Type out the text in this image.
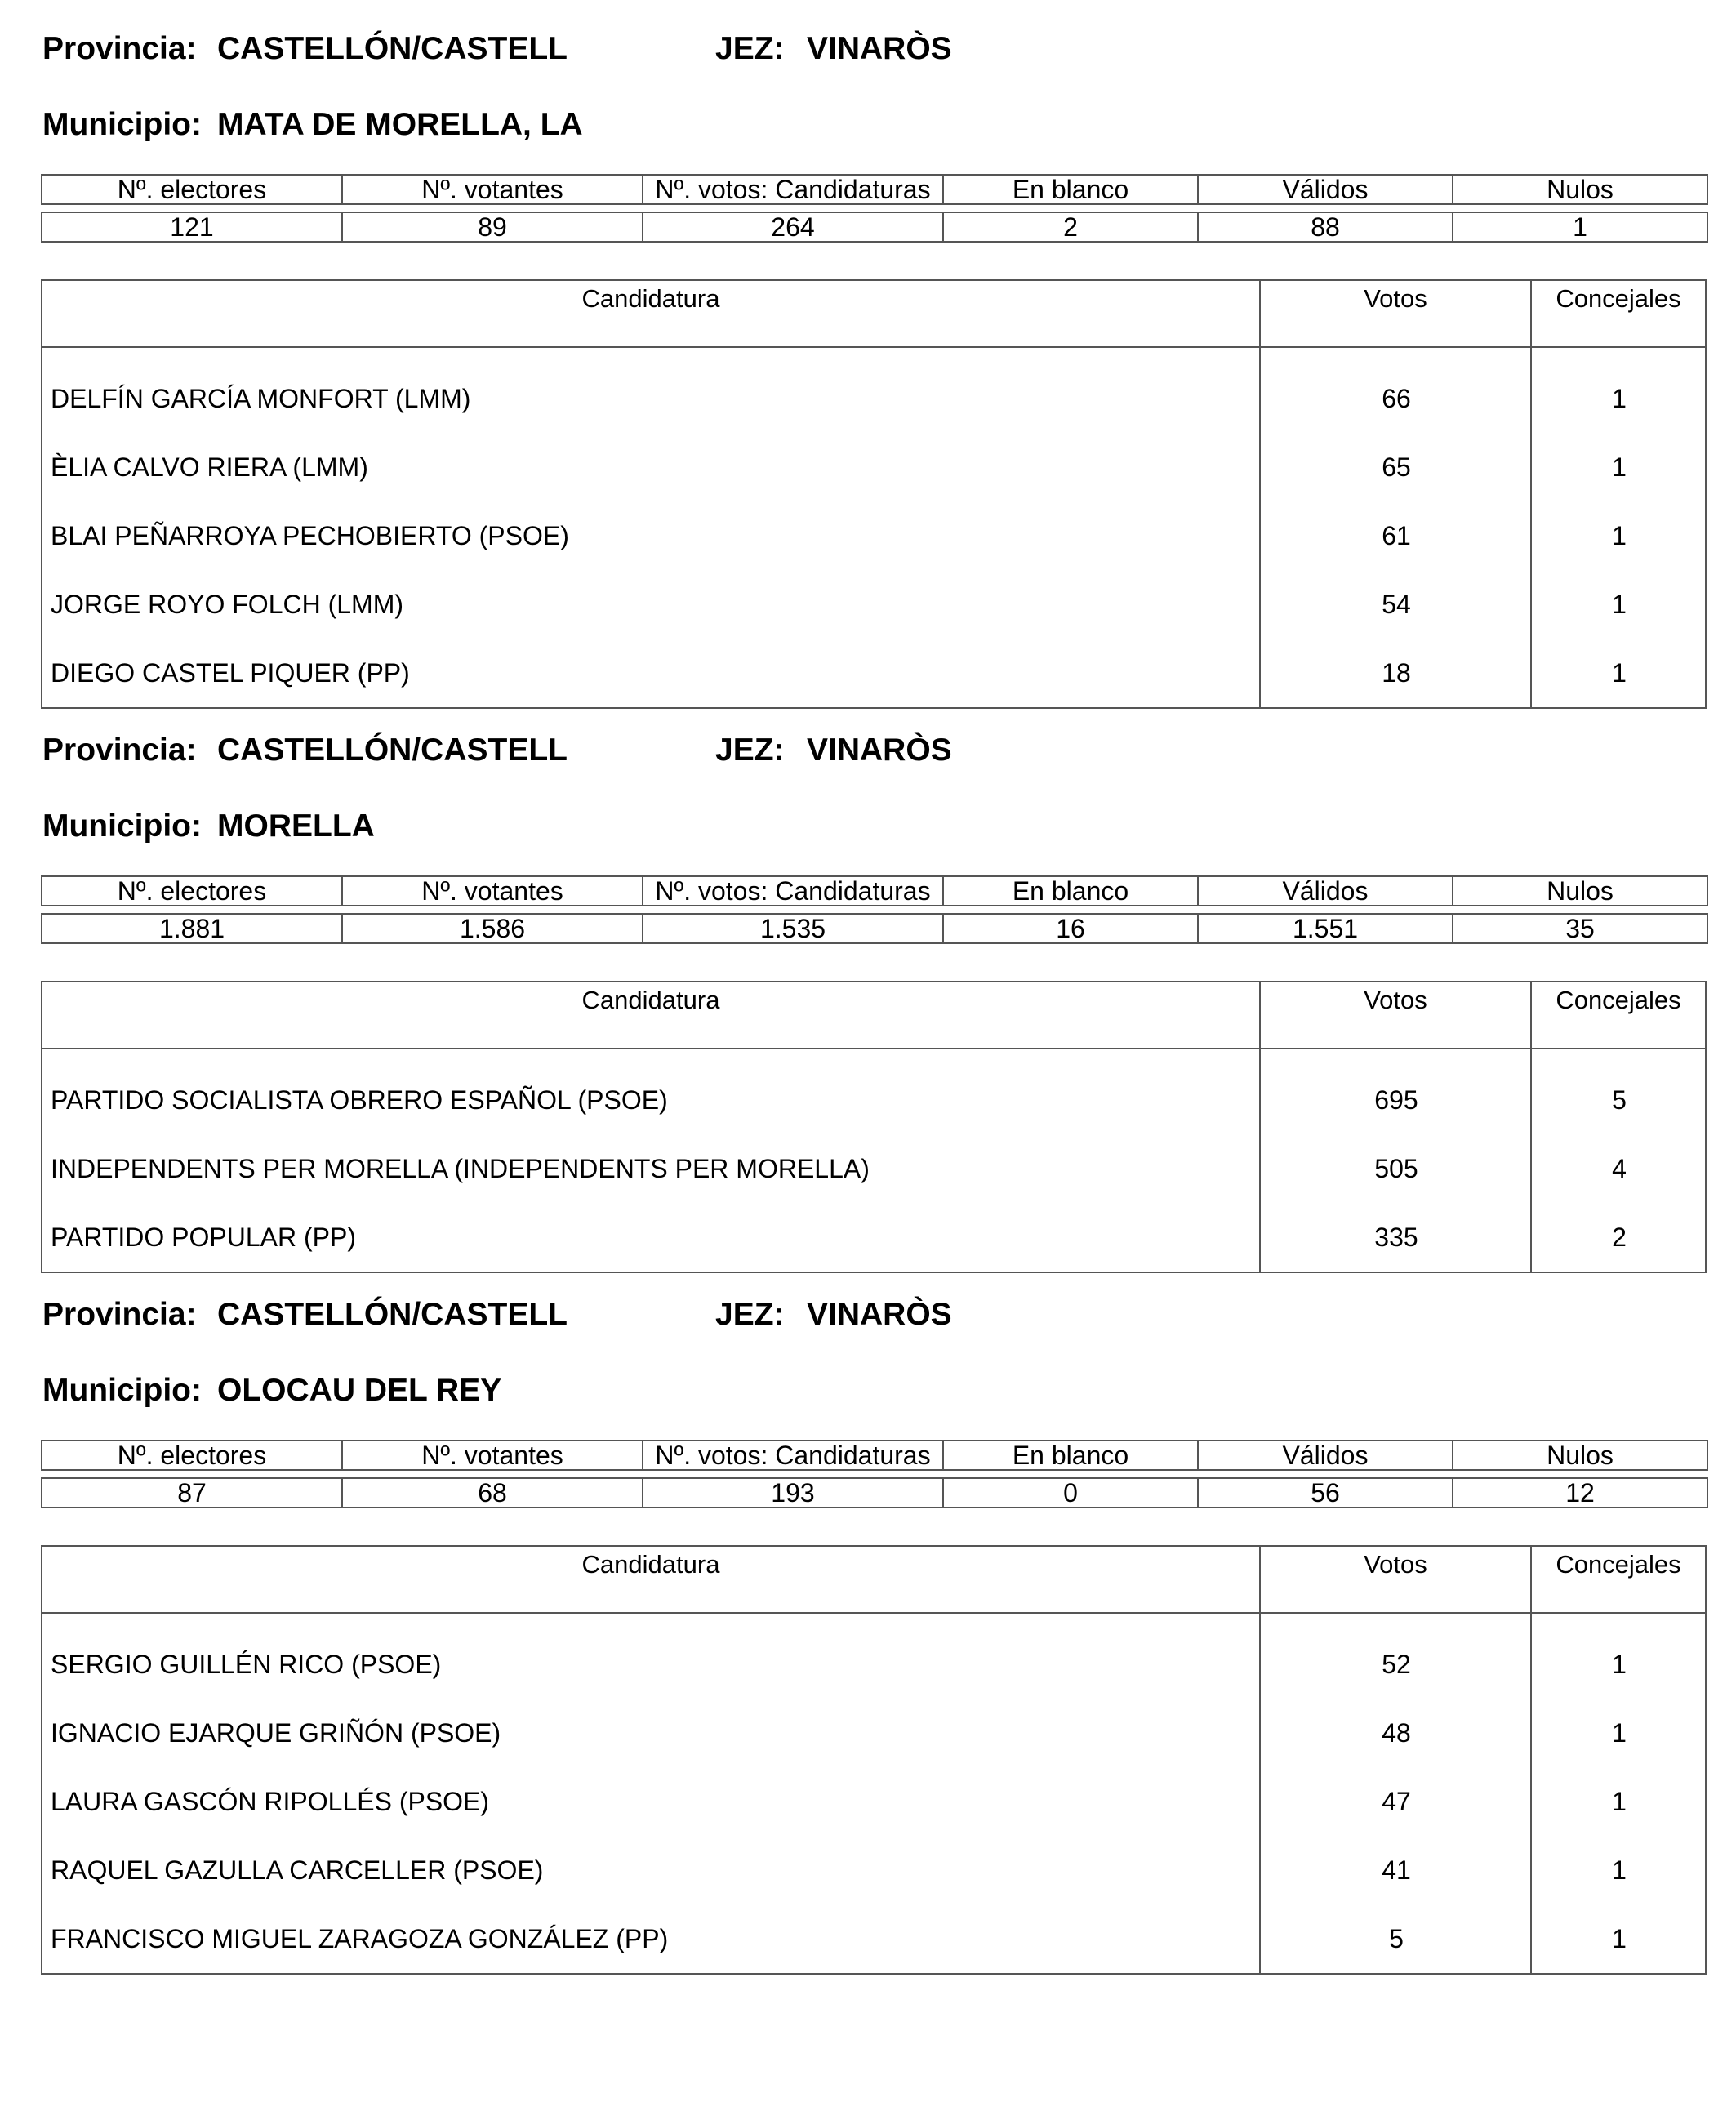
Provincia: CASTELLÓN/CASTELL	JEZ: VINARÒS
Municipio: MATA DE MORELLA, LA
Nº. electores	Nº. votantes	Nº. votos: Candidaturas	En blanco	Válidos	Nulos

121	89	264	2	88	1
Candidatura	Votos	Concejales
DELFÍN GARCÍA MONFORT (LMM)	66	1
ÈLIA CALVO RIERA (LMM)	65	1
BLAI PEÑARROYA PECHOBIERTO (PSOE)	61	1
JORGE ROYO FOLCH (LMM)	54	1
DIEGO CASTEL PIQUER (PP)	18	1
Provincia: CASTELLÓN/CASTELL	JEZ: VINARÒS
Municipio: MORELLA
Nº. electores	Nº. votantes	Nº. votos: Candidaturas	En blanco	Válidos	Nulos

1.881	1.586	1.535	16	1.551	35
Candidatura	Votos	Concejales
PARTIDO SOCIALISTA OBRERO ESPAÑOL (PSOE)	695	5
INDEPENDENTS PER MORELLA (INDEPENDENTS PER MORELLA)	505	4
PARTIDO POPULAR (PP)	335	2
Provincia: CASTELLÓN/CASTELL	JEZ: VINARÒS
Municipio: OLOCAU DEL REY
Nº. electores	Nº. votantes	Nº. votos: Candidaturas	En blanco	Válidos	Nulos

87	68	193	0	56	12
Candidatura	Votos	Concejales
SERGIO GUILLÉN RICO (PSOE)	52	1
IGNACIO EJARQUE GRIÑÓN (PSOE)	48	1
LAURA GASCÓN RIPOLLÉS (PSOE)	47	1
RAQUEL GAZULLA CARCELLER (PSOE)	41	1
FRANCISCO MIGUEL ZARAGOZA GONZÁLEZ (PP)	5	1
